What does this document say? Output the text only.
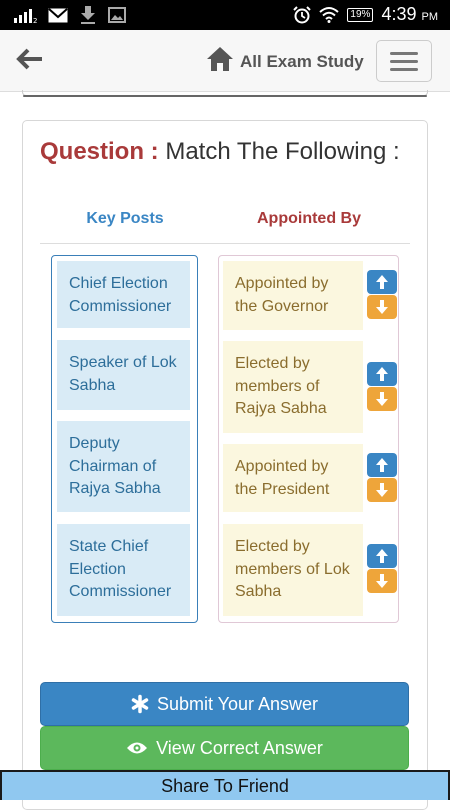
2
19% 4:39 PM
All Exam Study
Question : Match The Following :
Key Posts	Appointed By
Chief Election Commissioner
Speaker of Lok Sabha
Deputy Chairman of Rajya Sabha
State Chief Election Commissioner
Appointed by the Governor
Elected by members of Rajya Sabha
Appointed by the President
Elected by members of Lok Sabha
Submit Your Answer
View Correct Answer
Share To Friend
